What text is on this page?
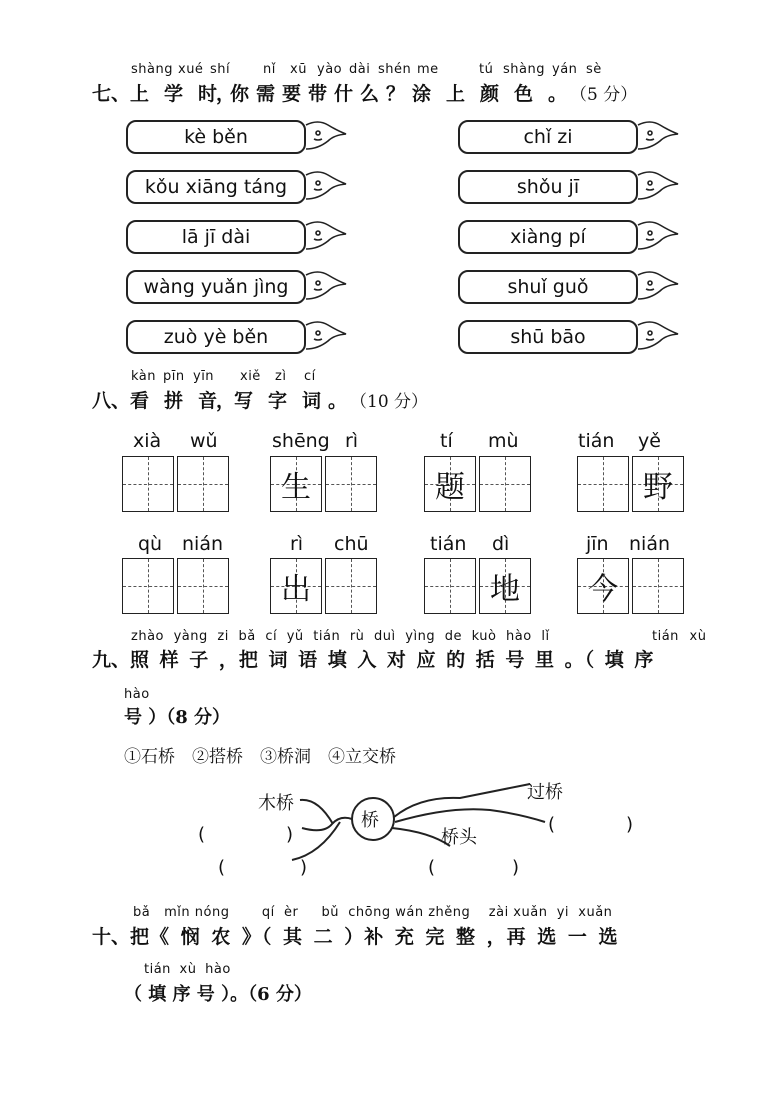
shàng xué shí	nǐ xū yào dài shén me	tú shàng yán sè
七、上 学 时，你 需 要 带 什 么 ？ 涂 上 颜 色 。 （5 分）
kè běn
kǒu xiāng táng
lā jī dài
wàng yuǎn jìng
zuò yè běn
chǐ zi
shǒu jī
xiàng pí
shuǐ guǒ
shū bāo
kàn pīn yīn xiě zì cí
八、看 拼 音，写 字 词 。 （10 分）
xià wǔ	shēng rì
生
tí mù
题
tián yě
野
qù nián	rì chū
出
tián dì
地
jīn nián
今
zhào yàng zi bǎ cí yǔ tián rù duì yìng de kuò hào lǐ	tián xù
九、照 样 子 ，把 词 语 填 入 对 应 的 括 号 里 。（ 填 序
hào
号 ）（8 分）
①石桥　②搭桥　③桥洞　④立交桥
桥
木桥
过桥
桥头
(	)
(	)
(	)
(	)
bǎ   mǐn nóng       qí  èr     bǔ  chōng wán zhěng    zài xuǎn  yi  xuǎn
十、把《 悯 农 》（ 其 二 ）补 充 完 整 ，再 选 一 选
tián xù hào
（ 填 序 号 ）。（6 分）
